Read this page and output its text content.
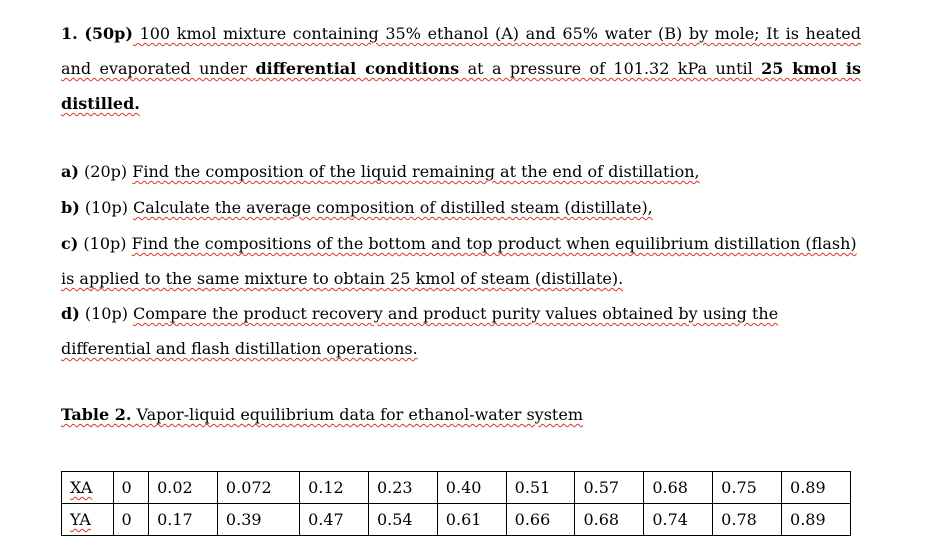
1. (50p) 100 kmol mixture containing 35% ethanol (A) and 65% water (B) by mole; It is heated and evaporated under differential conditions at a pressure of 101.32 kPa until 25 kmol is distilled.

a) (20p) Find the composition of the liquid remaining at the end of distillation,

b) (10p) Calculate the average composition of distilled steam (distillate),

c) (10p) Find the compositions of the bottom and top product when equilibrium distillation (flash) is applied to the same mixture to obtain 25 kmol of steam (distillate).

d) (10p) Compare the product recovery and product purity values obtained by using the differential and flash distillation operations.

Table 2. Vapor-liquid equilibrium data for ethanol-water system

XA	0	0.02	0.072	0.12	0.23	0.40	0.51	0.57	0.68	0.75	0.89
YA	0	0.17	0.39	0.47	0.54	0.61	0.66	0.68	0.74	0.78	0.89
